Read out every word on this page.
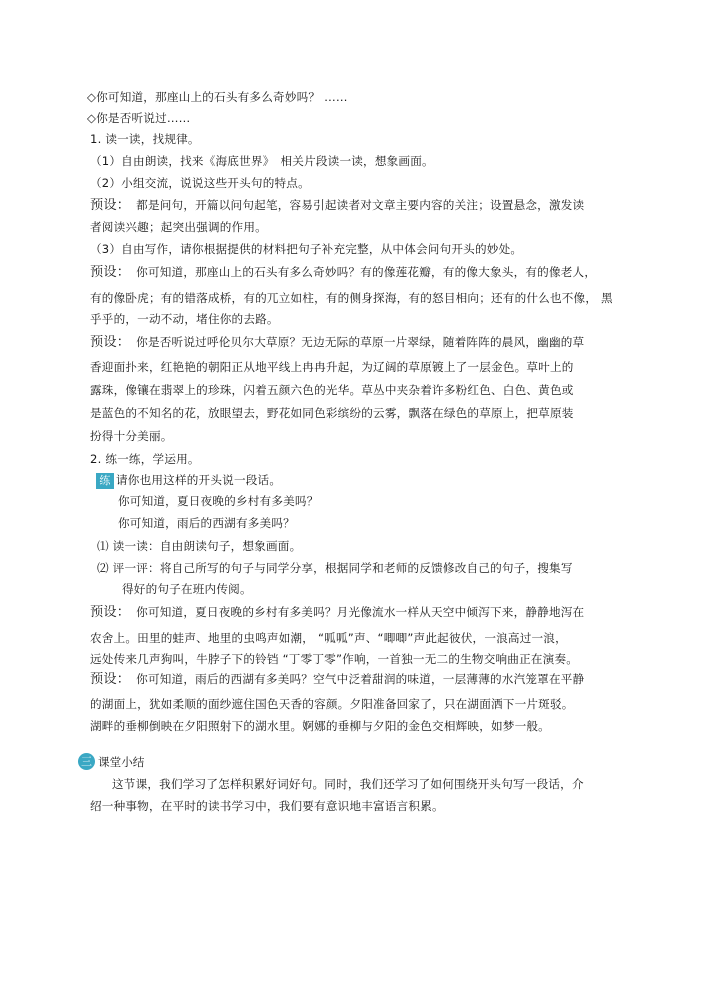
◇你可知道，那座山上的石头有多么奇妙吗？ ……
◇你是否听说过……
1. 读一读，找规律。
（1）自由朗读，找来《海底世界》　相关片段读一读，想象画面。
（2）小组交流，说说这些开头句的特点。
预设： 都是问句，开篇以问句起笔，容易引起读者对文章主要内容的关注；设置悬念，激发读
者阅读兴趣；起突出强调的作用。
（3）自由写作，请你根据提供的材料把句子补充完整，从中体会问句开头的妙处。
预设： 你可知道，那座山上的石头有多么奇妙吗？有的像莲花瓣，有的像大象头，有的像老人，
有的像卧虎；有的错落成桥，有的兀立如柱，有的侧身探海，有的怒目相向；还有的什么也不像， 黑
乎乎的，一动不动，堵住你的去路。
预设： 你是否听说过呼伦贝尔大草原？无边无际的草原一片翠绿，随着阵阵的晨风，幽幽的草
香迎面扑来，红艳艳的朝阳正从地平线上冉冉升起，为辽阔的草原镀上了一层金色。草叶上的
露珠，像镶在翡翠上的珍珠，闪着五颜六色的光华。草丛中夹杂着许多粉红色、白色、黄色或
是蓝色的不知名的花，放眼望去，野花如同色彩缤纷的云雾，飘落在绿色的草原上，把草原装
扮得十分美丽。
2. 练一练，学运用。
练 请你也用这样的开头说一段话。
你可知道，夏日夜晚的乡村有多美吗？
你可知道，雨后的西湖有多美吗？
⑴ 读一读：自由朗读句子，想象画面。
⑵ 评一评：将自己所写的句子与同学分享，根据同学和老师的反馈修改自己的句子，搜集写
得好的句子在班内传阅。
预设： 你可知道，夏日夜晚的乡村有多美吗？月光像流水一样从天空中倾泻下来，静静地泻在
农舍上。田里的蛙声、地里的虫鸣声如潮， “呱呱”声、“唧唧”声此起彼伏，一浪高过一浪，
远处传来几声狗叫，牛脖子下的铃铛 “丁零丁零”作响，一首独一无二的生物交响曲正在演奏。
预设： 你可知道，雨后的西湖有多美吗？空气中泛着甜润的味道，一层薄薄的水汽笼罩在平静
的湖面上，犹如柔顺的面纱遮住国色天香的容颜。夕阳准备回家了，只在湖面洒下一片斑驳。
湖畔的垂柳倒映在夕阳照射下的湖水里。婀娜的垂柳与夕阳的金色交相辉映，如梦一般。
三 课堂小结
这节课，我们学习了怎样积累好词好句。同时，我们还学习了如何围绕开头句写一段话，介
绍一种事物，在平时的读书学习中，我们要有意识地丰富语言积累。
